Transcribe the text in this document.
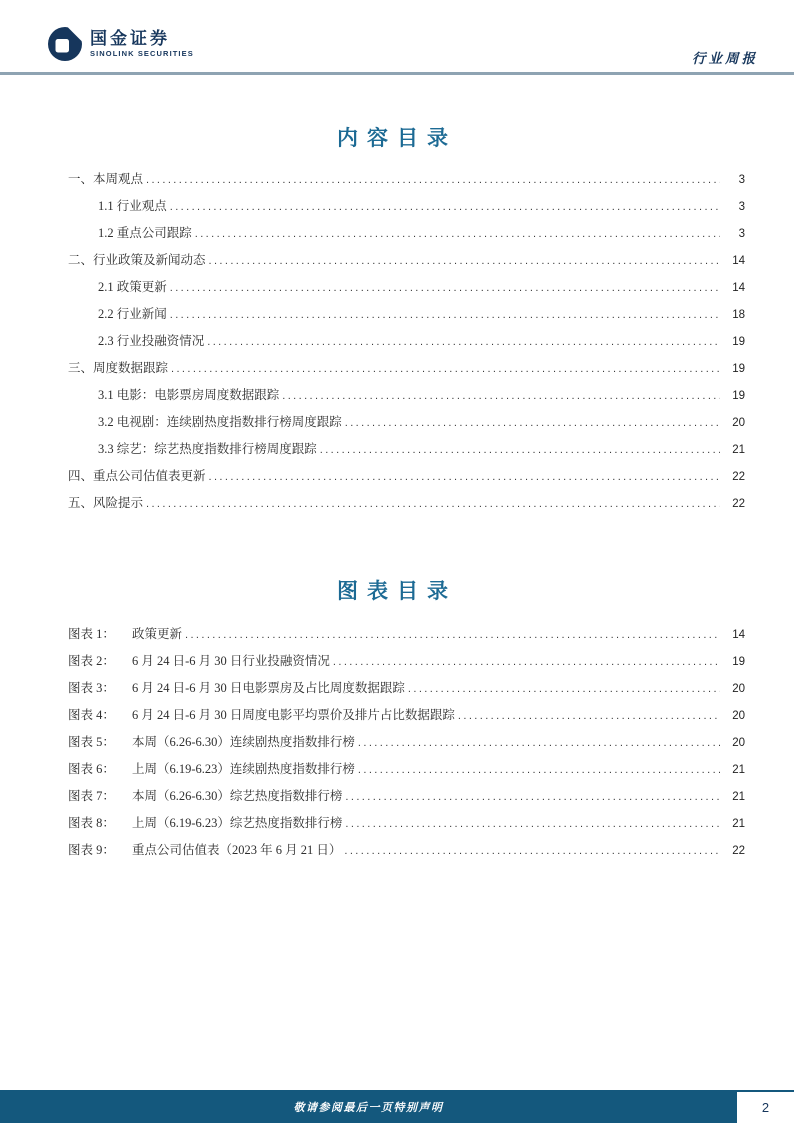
国金证券
SINOLINK SECURITIES	行业周报
内容目录
一、本周观点 .....	3
1.1 行业观点 .....	3
1.2 重点公司跟踪 .....	3
二、行业政策及新闻动态 .....	14
2.1 政策更新 .....	14
2.2 行业新闻 .....	18
2.3 行业投融资情况 .....	19
三、周度数据跟踪 .....	19
3.1 电影：电影票房周度数据跟踪 .....	19
3.2 电视剧：连续剧热度指数排行榜周度跟踪 .....	20
3.3 综艺：综艺热度指数排行榜周度跟踪 .....	21
四、重点公司估值表更新 .....	22
五、风险提示 .....	22
图表目录
图表 1：	政策更新 .....	14
图表 2：	6 月 24 日-6 月 30 日行业投融资情况 .....	19
图表 3：	6 月 24 日-6 月 30 日电影票房及占比周度数据跟踪 .....	20
图表 4：	6 月 24 日-6 月 30 日周度电影平均票价及排片占比数据跟踪 .....	20
图表 5：	本周（6.26-6.30）连续剧热度指数排行榜 .....	20
图表 6：	上周（6.19-6.23）连续剧热度指数排行榜 .....	21
图表 7：	本周（6.26-6.30）综艺热度指数排行榜 .....	21
图表 8：	上周（6.19-6.23）综艺热度指数排行榜 .....	21
图表 9：	重点公司估值表（2023 年 6 月 21 日） .....	22
敬请参阅最后一页特别声明	2
